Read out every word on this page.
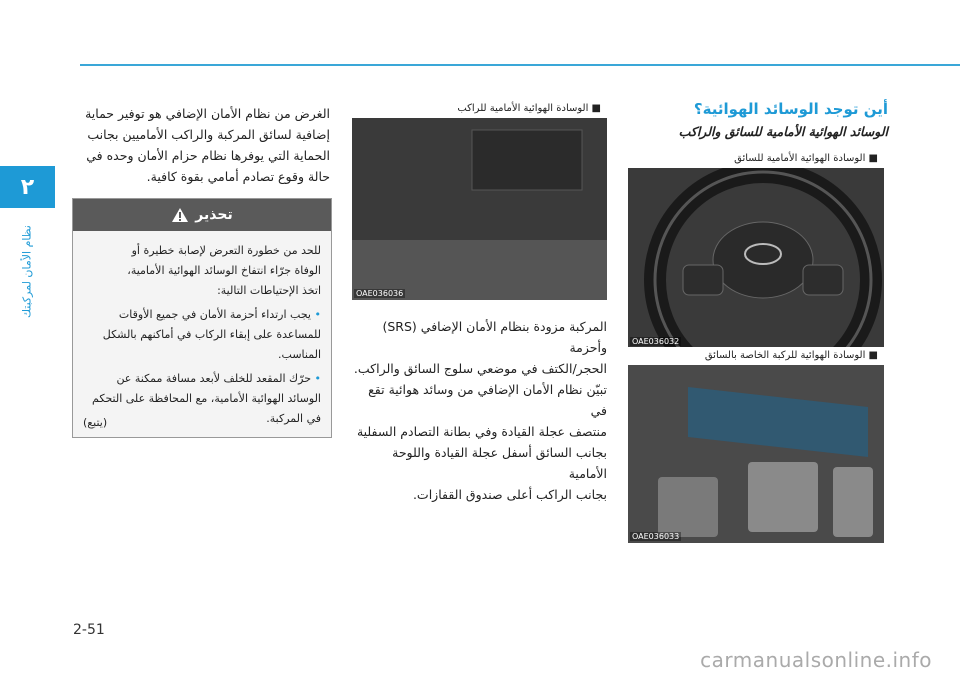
٢
نظام الأمان لمركبتك
أين توجد الوسائد الهوائية؟
الوسائد الهوائية الأمامية للسائق والراكب
■ الوسادة الهوائية الأمامية للسائق
OAE036032
■ الوسادة الهوائية للركبة الخاصة بالسائق
OAE036033
■ الوسادة الهوائية الأمامية للراكب
OAE036036

المركبة مزودة بنظام الأمان الإضافي (SRS) وأحزمة

الحجر/الكتف في موضعي سلوج السائق والراكب.

تبيّن نظام الأمان الإضافي من وسائد هوائية تقع في

منتصف عجلة القيادة وفي بطانة التصادم السفلية

بجانب السائق أسفل عجلة القيادة واللوحة الأمامية

بجانب الراكب أعلى صندوق القفازات.

الغرض من نظام الأمان الإضافي هو توفير حماية

إضافية لسائق المركبة والراكب الأماميين بجانب

الحماية التي يوفرها نظام حزام الأمان وحده في

حالة وقوع تصادم أمامي بقوة كافية.

تحذير
للحد من خطورة التعرض لإصابة خطيرة أو
الوفاة جرّاء انتفاخ الوسائد الهوائية الأمامية،
اتخذ الإحتياطات التالية:
• يجب ارتداء أحزمة الأمان في جميع الأوقات للمساعدة على إبقاء الركاب في أماكنهم بالشكل المناسب.
• حرّك المقعد للخلف لأبعد مسافة ممكنة عن الوسائد الهوائية الأمامية، مع المحافظة على التحكم في المركبة.
(يتبع)
2-51
carmanualsonline.info
